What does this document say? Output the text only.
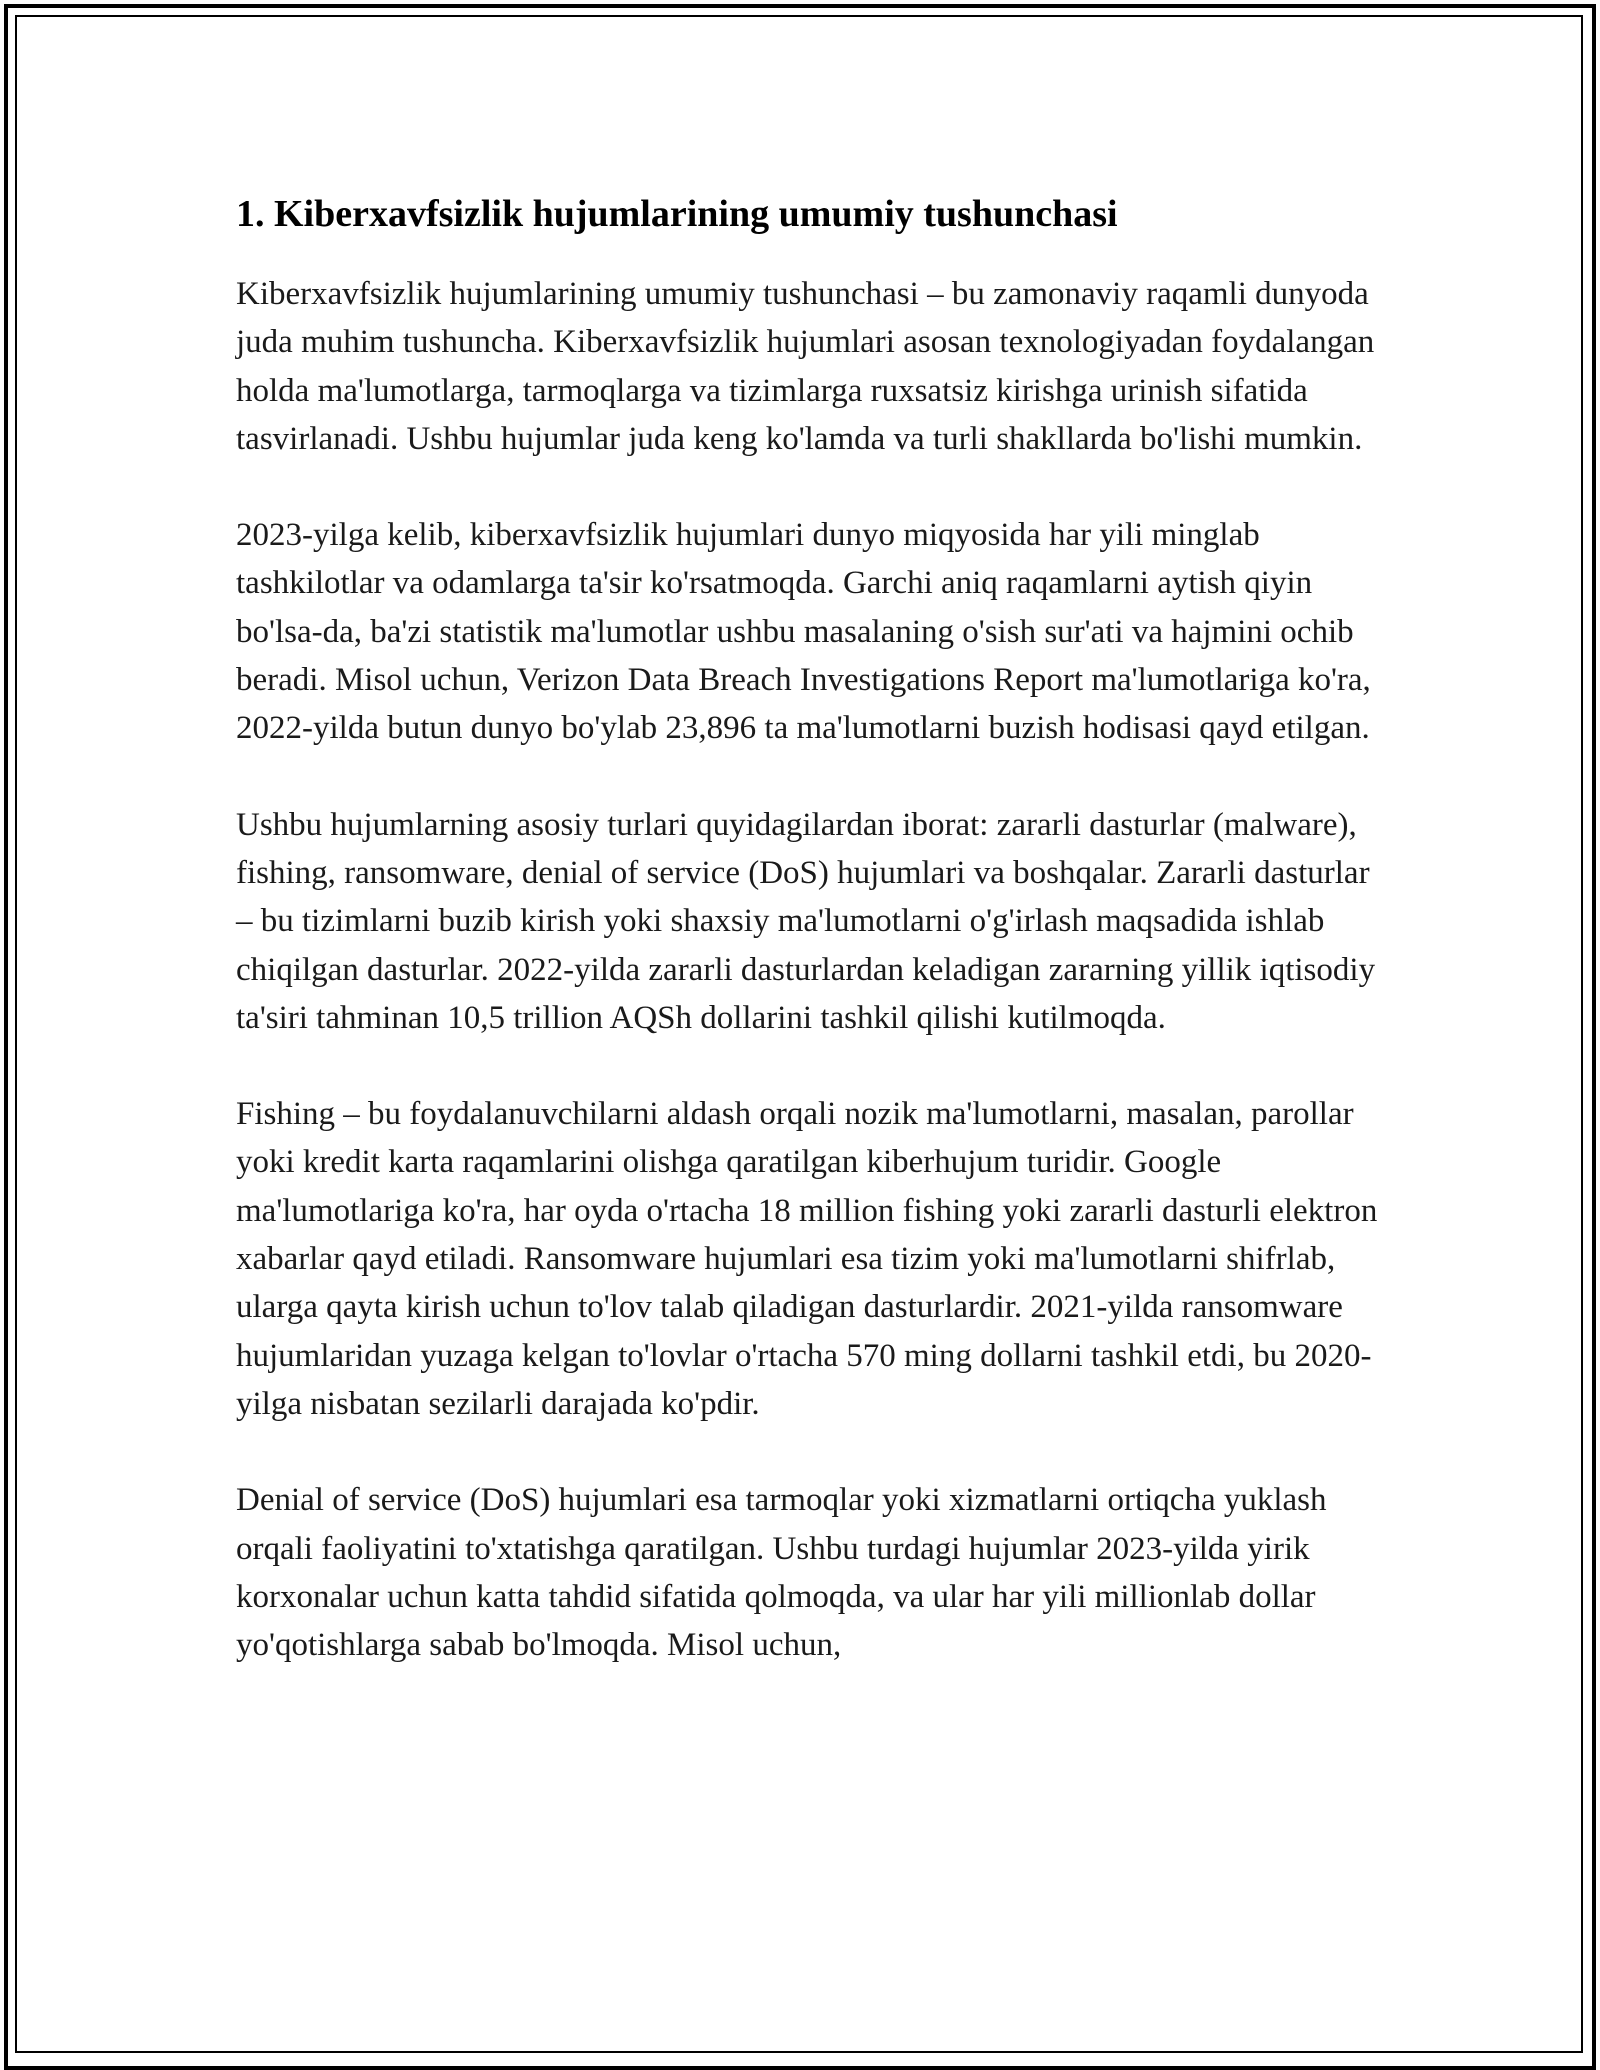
1. Kiberxavfsizlik hujumlarining umumiy tushunchasi

Kiberxavfsizlik hujumlarining umumiy tushunchasi – bu zamonaviy raqamli dunyoda juda muhim tushuncha. Kiberxavfsizlik hujumlari asosan texnologiyadan foydalangan holda ma'lumotlarga, tarmoqlarga va tizimlarga ruxsatsiz kirishga urinish sifatida tasvirlanadi. Ushbu hujumlar juda keng ko'lamda va turli shakllarda bo'lishi mumkin.

2023-yilga kelib, kiberxavfsizlik hujumlari dunyo miqyosida har yili minglab tashkilotlar va odamlarga ta'sir ko'rsatmoqda. Garchi aniq raqamlarni aytish qiyin bo'lsa-da, ba'zi statistik ma'lumotlar ushbu masalaning o'sish sur'ati va hajmini ochib beradi. Misol uchun, Verizon Data Breach Investigations Report ma'lumotlariga ko'ra, 2022-yilda butun dunyo bo'ylab 23,896 ta ma'lumotlarni buzish hodisasi qayd etilgan.

Ushbu hujumlarning asosiy turlari quyidagilardan iborat: zararli dasturlar (malware), fishing, ransomware, denial of service (DoS) hujumlari va boshqalar. Zararli dasturlar – bu tizimlarni buzib kirish yoki shaxsiy ma'lumotlarni o'g'irlash maqsadida ishlab chiqilgan dasturlar. 2022-yilda zararli dasturlardan keladigan zararning yillik iqtisodiy ta'siri tahminan 10,5 trillion AQSh dollarini tashkil qilishi kutilmoqda.

Fishing – bu foydalanuvchilarni aldash orqali nozik ma'lumotlarni, masalan, parollar yoki kredit karta raqamlarini olishga qaratilgan kiberhujum turidir. Google ma'lumotlariga ko'ra, har oyda o'rtacha 18 million fishing yoki zararli dasturli elektron xabarlar qayd etiladi. Ransomware hujumlari esa tizim yoki ma'lumotlarni shifrlab, ularga qayta kirish uchun to'lov talab qiladigan dasturlardir. 2021-yilda ransomware hujumlaridan yuzaga kelgan to'lovlar o'rtacha 570 ming dollarni tashkil etdi, bu 2020-yilga nisbatan sezilarli darajada ko'pdir.

Denial of service (DoS) hujumlari esa tarmoqlar yoki xizmatlarni ortiqcha yuklash orqali faoliyatini to'xtatishga qaratilgan. Ushbu turdagi hujumlar 2023-yilda yirik korxonalar uchun katta tahdid sifatida qolmoqda, va ular har yili millionlab dollar yo'qotishlarga sabab bo'lmoqda. Misol uchun,
